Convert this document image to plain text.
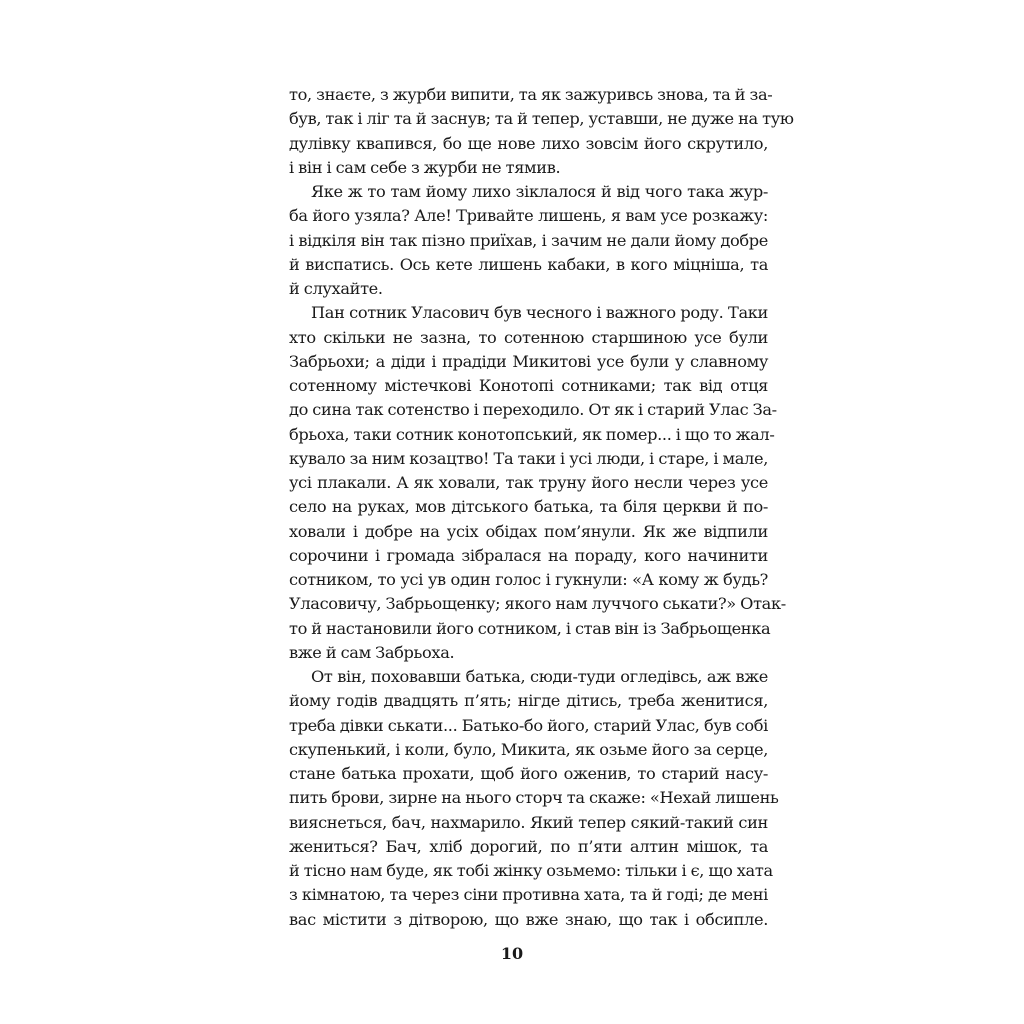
то, знаєте, з журби випити, та як зажуривсь знова, та й за-
був, так і ліг та й заснув; та й тепер, уставши, не дуже на тую
дулівку квапився, бо ще нове лихо зовсім його скрутило,
і він і сам себе з журби не тямив.
Яке ж то там йому лихо зіклалося й від чого така жур-
ба його узяла? Але! Тривайте лишень, я вам усе розкажу:
і відкіля він так пізно приїхав, і зачим не дали йому добре
й виспатись. Ось кете лишень кабаки, в кого міцніша, та
й слухайте.
Пан сотник Уласович був чесного і важного роду. Таки
хто скільки не зазна, то сотенною старшиною усе були
Забрьохи; а діди і прадіди Микитові усе були у славному
сотенному містечкові Конотопі сотниками; так від отця
до сина так сотенство і переходило. От як і старий Улас За-
брьоха, таки сотник конотопський, як помер... і що то жал-
кувало за ним козацтво! Та таки і усі люди, і старе, і мале,
усі плакали. А як ховали, так труну його несли через усе
село на руках, мов дітського батька, та біля церкви й по-
ховали і добре на усіх обідах пом’янули. Як же відпили
сорочини і громада зібралася на пораду, кого начинити
сотником, то усі ув один голос і гукнули: «А кому ж будь?
Уласовичу, Забрьощенку; якого нам луччого ськати?» Отак-
то й настановили його сотником, і став він із Забрьощенка
вже й сам Забрьоха.
От він, поховавши батька, сюди-туди огледівсь, аж вже
йому годів двадцять п’ять; нігде дітись, треба женитися,
треба дівки ськати... Батько-бо його, старий Улас, був собі
скупенький, і коли, було, Микита, як озьме його за серце,
стане батька прохати, щоб його оженив, то старий насу-
пить брови, зирне на нього сторч та скаже: «Нехай лишень
вияснеться, бач, нахмарило. Який тепер сякий-такий син
жениться? Бач, хліб дорогий, по п’яти алтин мішок, та
й тісно нам буде, як тобі жінку озьмемо: тільки і є, що хата
з кімнатою, та через сіни противна хата, та й годі; де мені
вас містити з дітворою, що вже знаю, що так і обсипле.
10
